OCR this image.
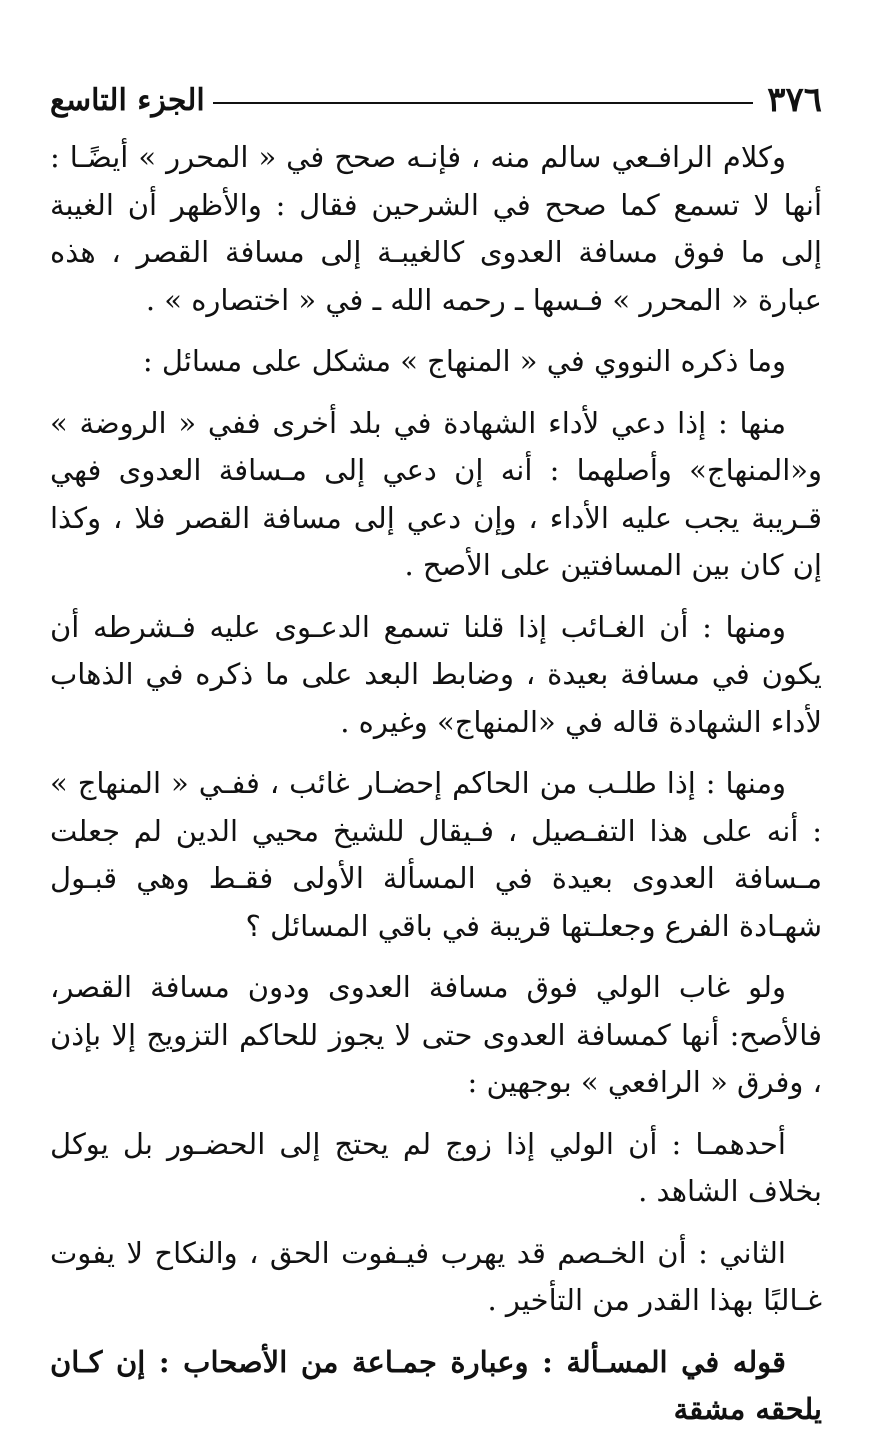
٣٧٦
الجزء التاسع

وكلام الرافـعي سالم منه ، فإنـه صحح في « المحرر » أيضًـا : أنها لا تسمع كما صحح في الشرحين فقال : والأظهر أن الغيبة إلى ما فوق مسافة العدوى كالغيبـة إلى مسافة القصر ، هذه عبارة « المحرر » فـسها ـ رحمه الله ـ في « اختصاره » .

وما ذكره النووي في « المنهاج » مشكل على مسائل :

منها : إذا دعي لأداء الشهادة في بلد أخرى ففي « الروضة » و«المنهاج» وأصلهما : أنه إن دعي إلى مـسافة العدوى فهي قـريبة يجب عليه الأداء ، وإن دعي إلى مسافة القصر فلا ، وكذا إن كان بين المسافتين على الأصح .

ومنها : أن الغـائب إذا قلنا تسمع الدعـوى عليه فـشرطه أن يكون في مسافة بعيدة ، وضابط البعد على ما ذكره في الذهاب لأداء الشهادة قاله في «المنهاج» وغيره .

ومنها : إذا طلـب من الحاكم إحضـار غائب ، ففـي « المنهاج » : أنه على هذا التفـصيل ، فـيقال للشيخ محيي الدين لم جعلت مـسافة العدوى بعيدة في المسألة الأولى فقـط وهي قبـول شهـادة الفرع وجعلـتها قريبة في باقي المسائل ؟

ولو غاب الولي فوق مسافة العدوى ودون مسافة القصر، فالأصح: أنها كمسافة العدوى حتى لا يجوز للحاكم التزويج إلا بإذن ، وفرق « الرافعي » بوجهين :

أحدهمـا : أن الولي إذا زوج لم يحتج إلى الحضـور بل يوكل بخلاف الشاهد .

الثاني : أن الخـصم قد يهرب فيـفوت الحق ، والنكاح لا يفوت غـالبًا بهذا القدر من التأخير .

قوله في المسـألة : وعبارة جمـاعة من الأصحاب : إن كـان يلحقه مشقة
